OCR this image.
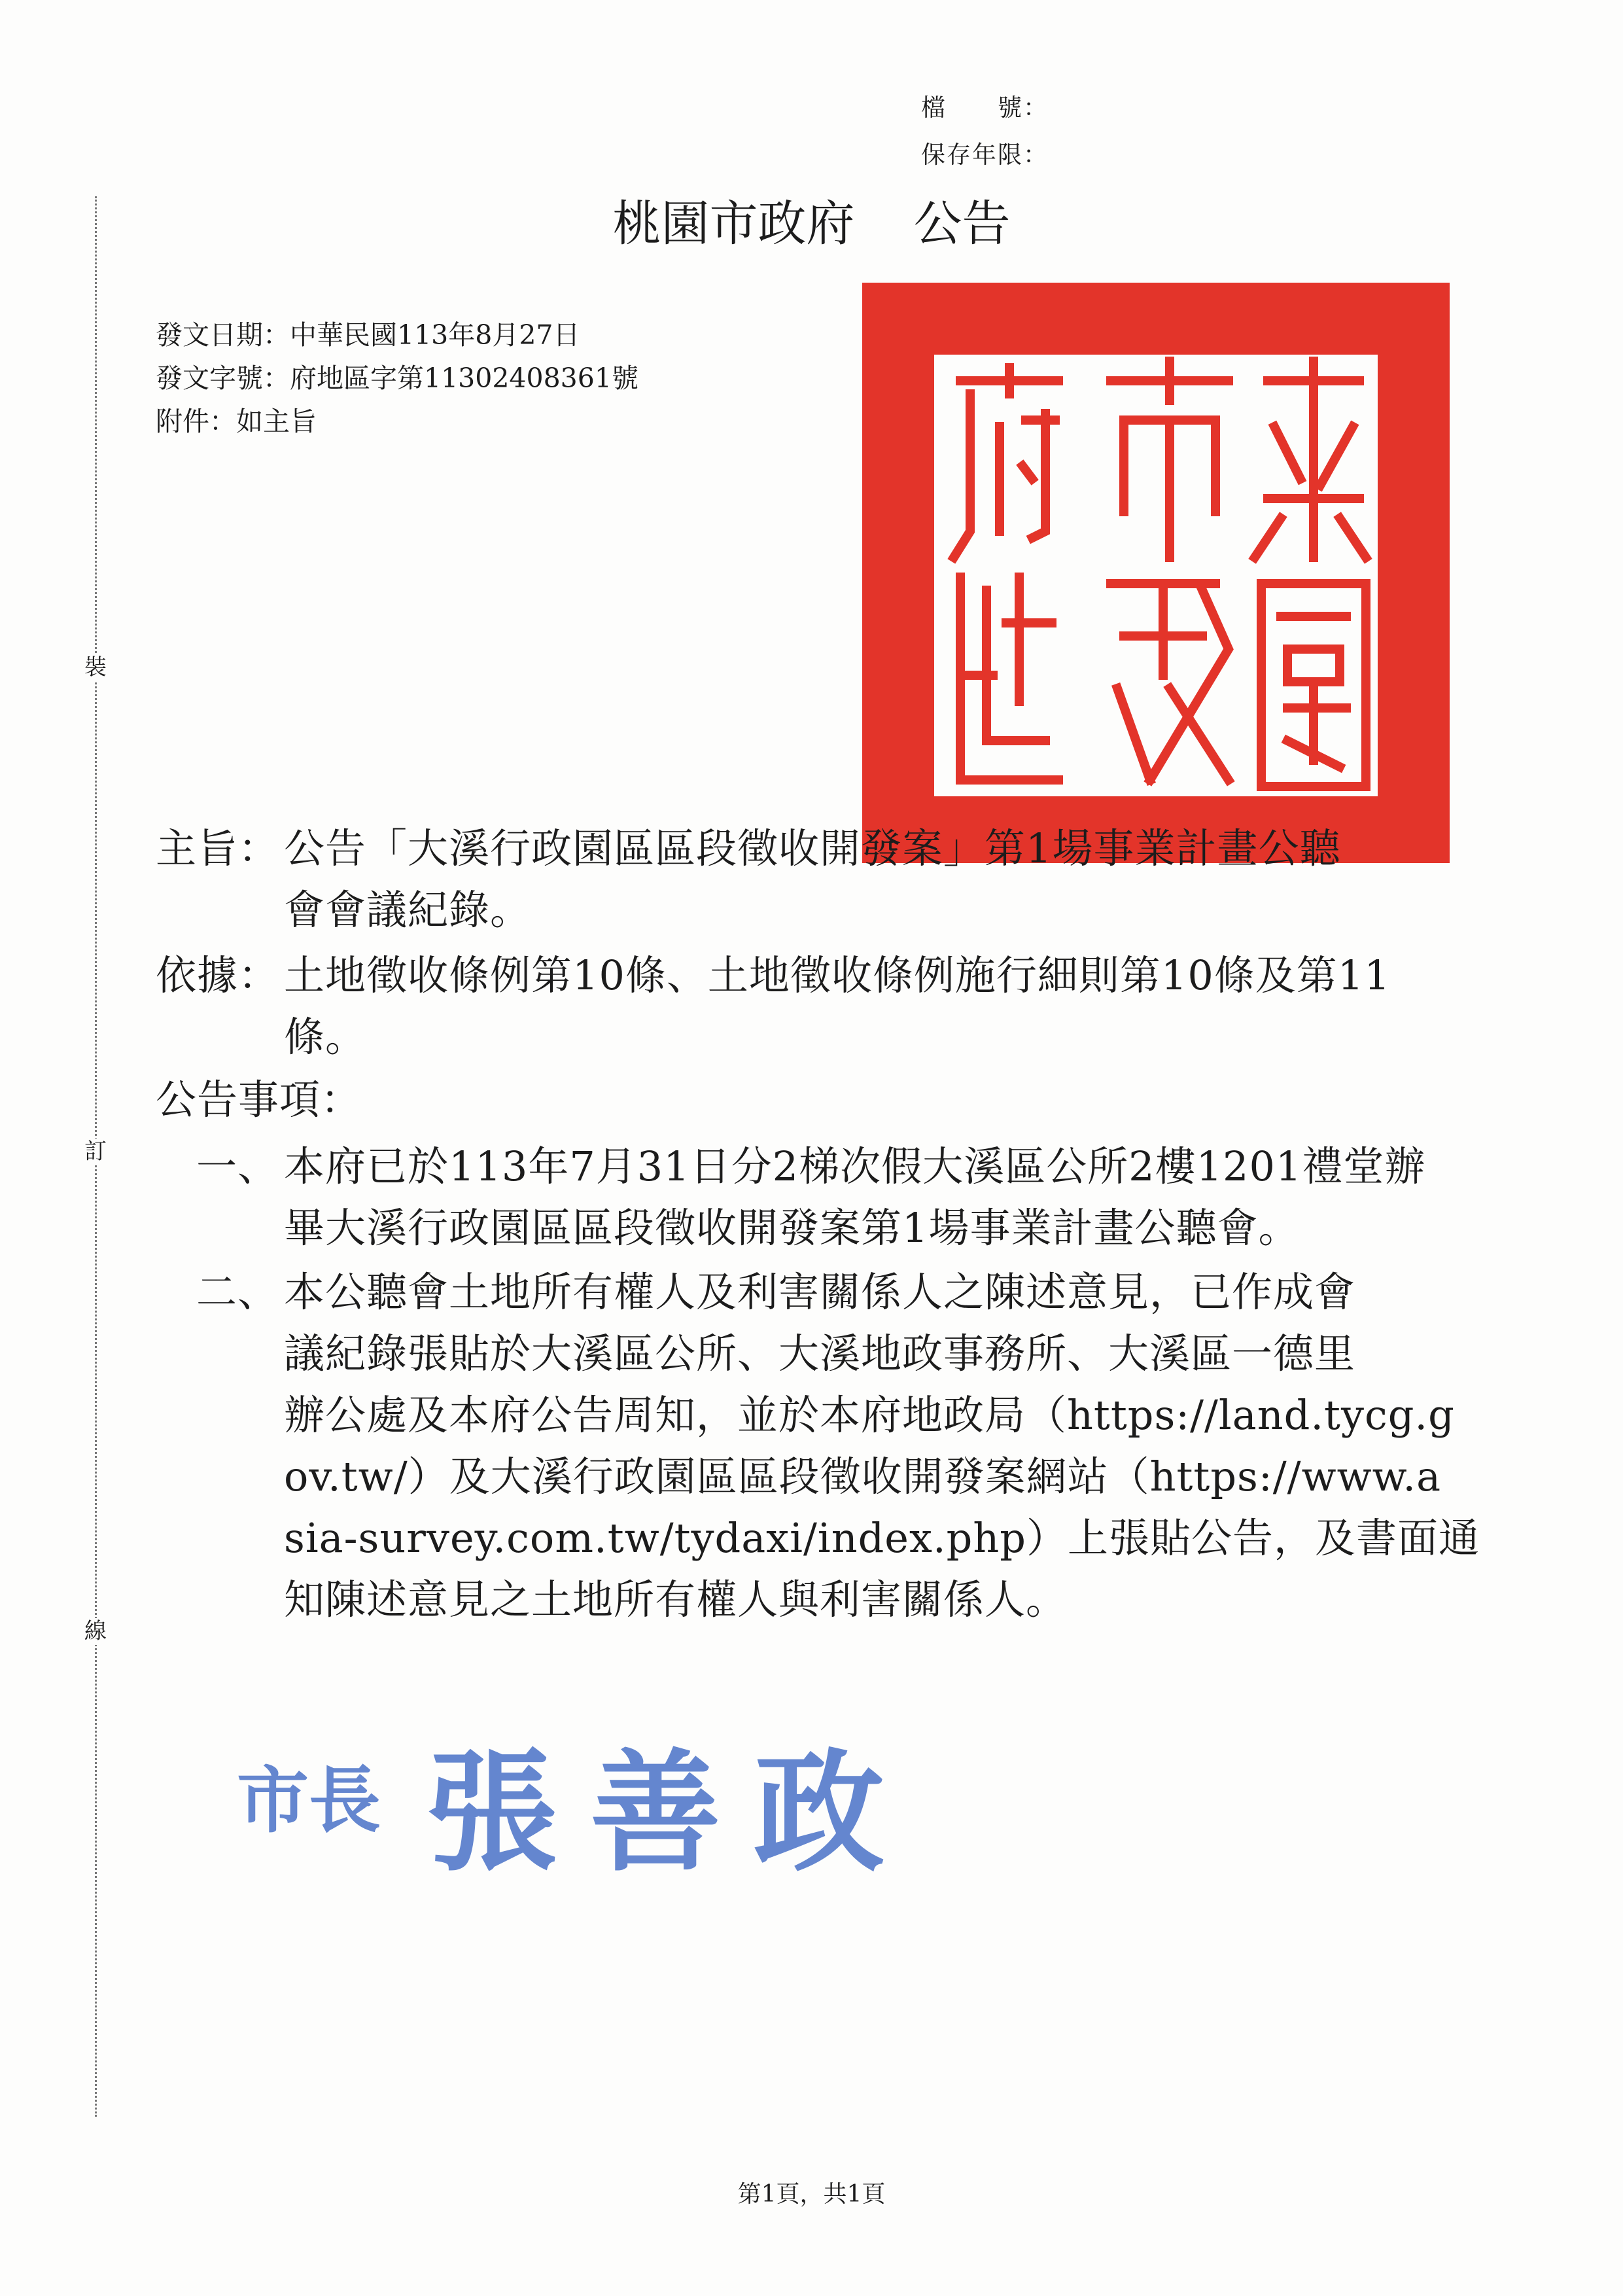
檔　　號：
保存年限：
裝
訂
線
桃園市政府 公告
發文日期：中華民國113年8月27日
發文字號：府地區字第11302408361號
附件：如主旨
主旨： 公告「大溪行政園區區段徵收開發案」第1場事業計畫公聽
會會議紀錄。
依據： 土地徵收條例第10條、土地徵收條例施行細則第10條及第11
條。
公告事項：
一、 本府已於113年7月31日分2梯次假大溪區公所2樓1201禮堂辦
畢大溪行政園區區段徵收開發案第1場事業計畫公聽會。
二、 本公聽會土地所有權人及利害關係人之陳述意見，已作成會
議紀錄張貼於大溪區公所、大溪地政事務所、大溪區一德里
辦公處及本府公告周知，並於本府地政局（https://land.tycg.g
ov.tw/）及大溪行政園區區段徵收開發案網站（https://www.a
sia-survey.com.tw/tydaxi/index.php）上張貼公告，及書面通
知陳述意見之土地所有權人與利害關係人。
市長 張善政
第1頁，共1頁
